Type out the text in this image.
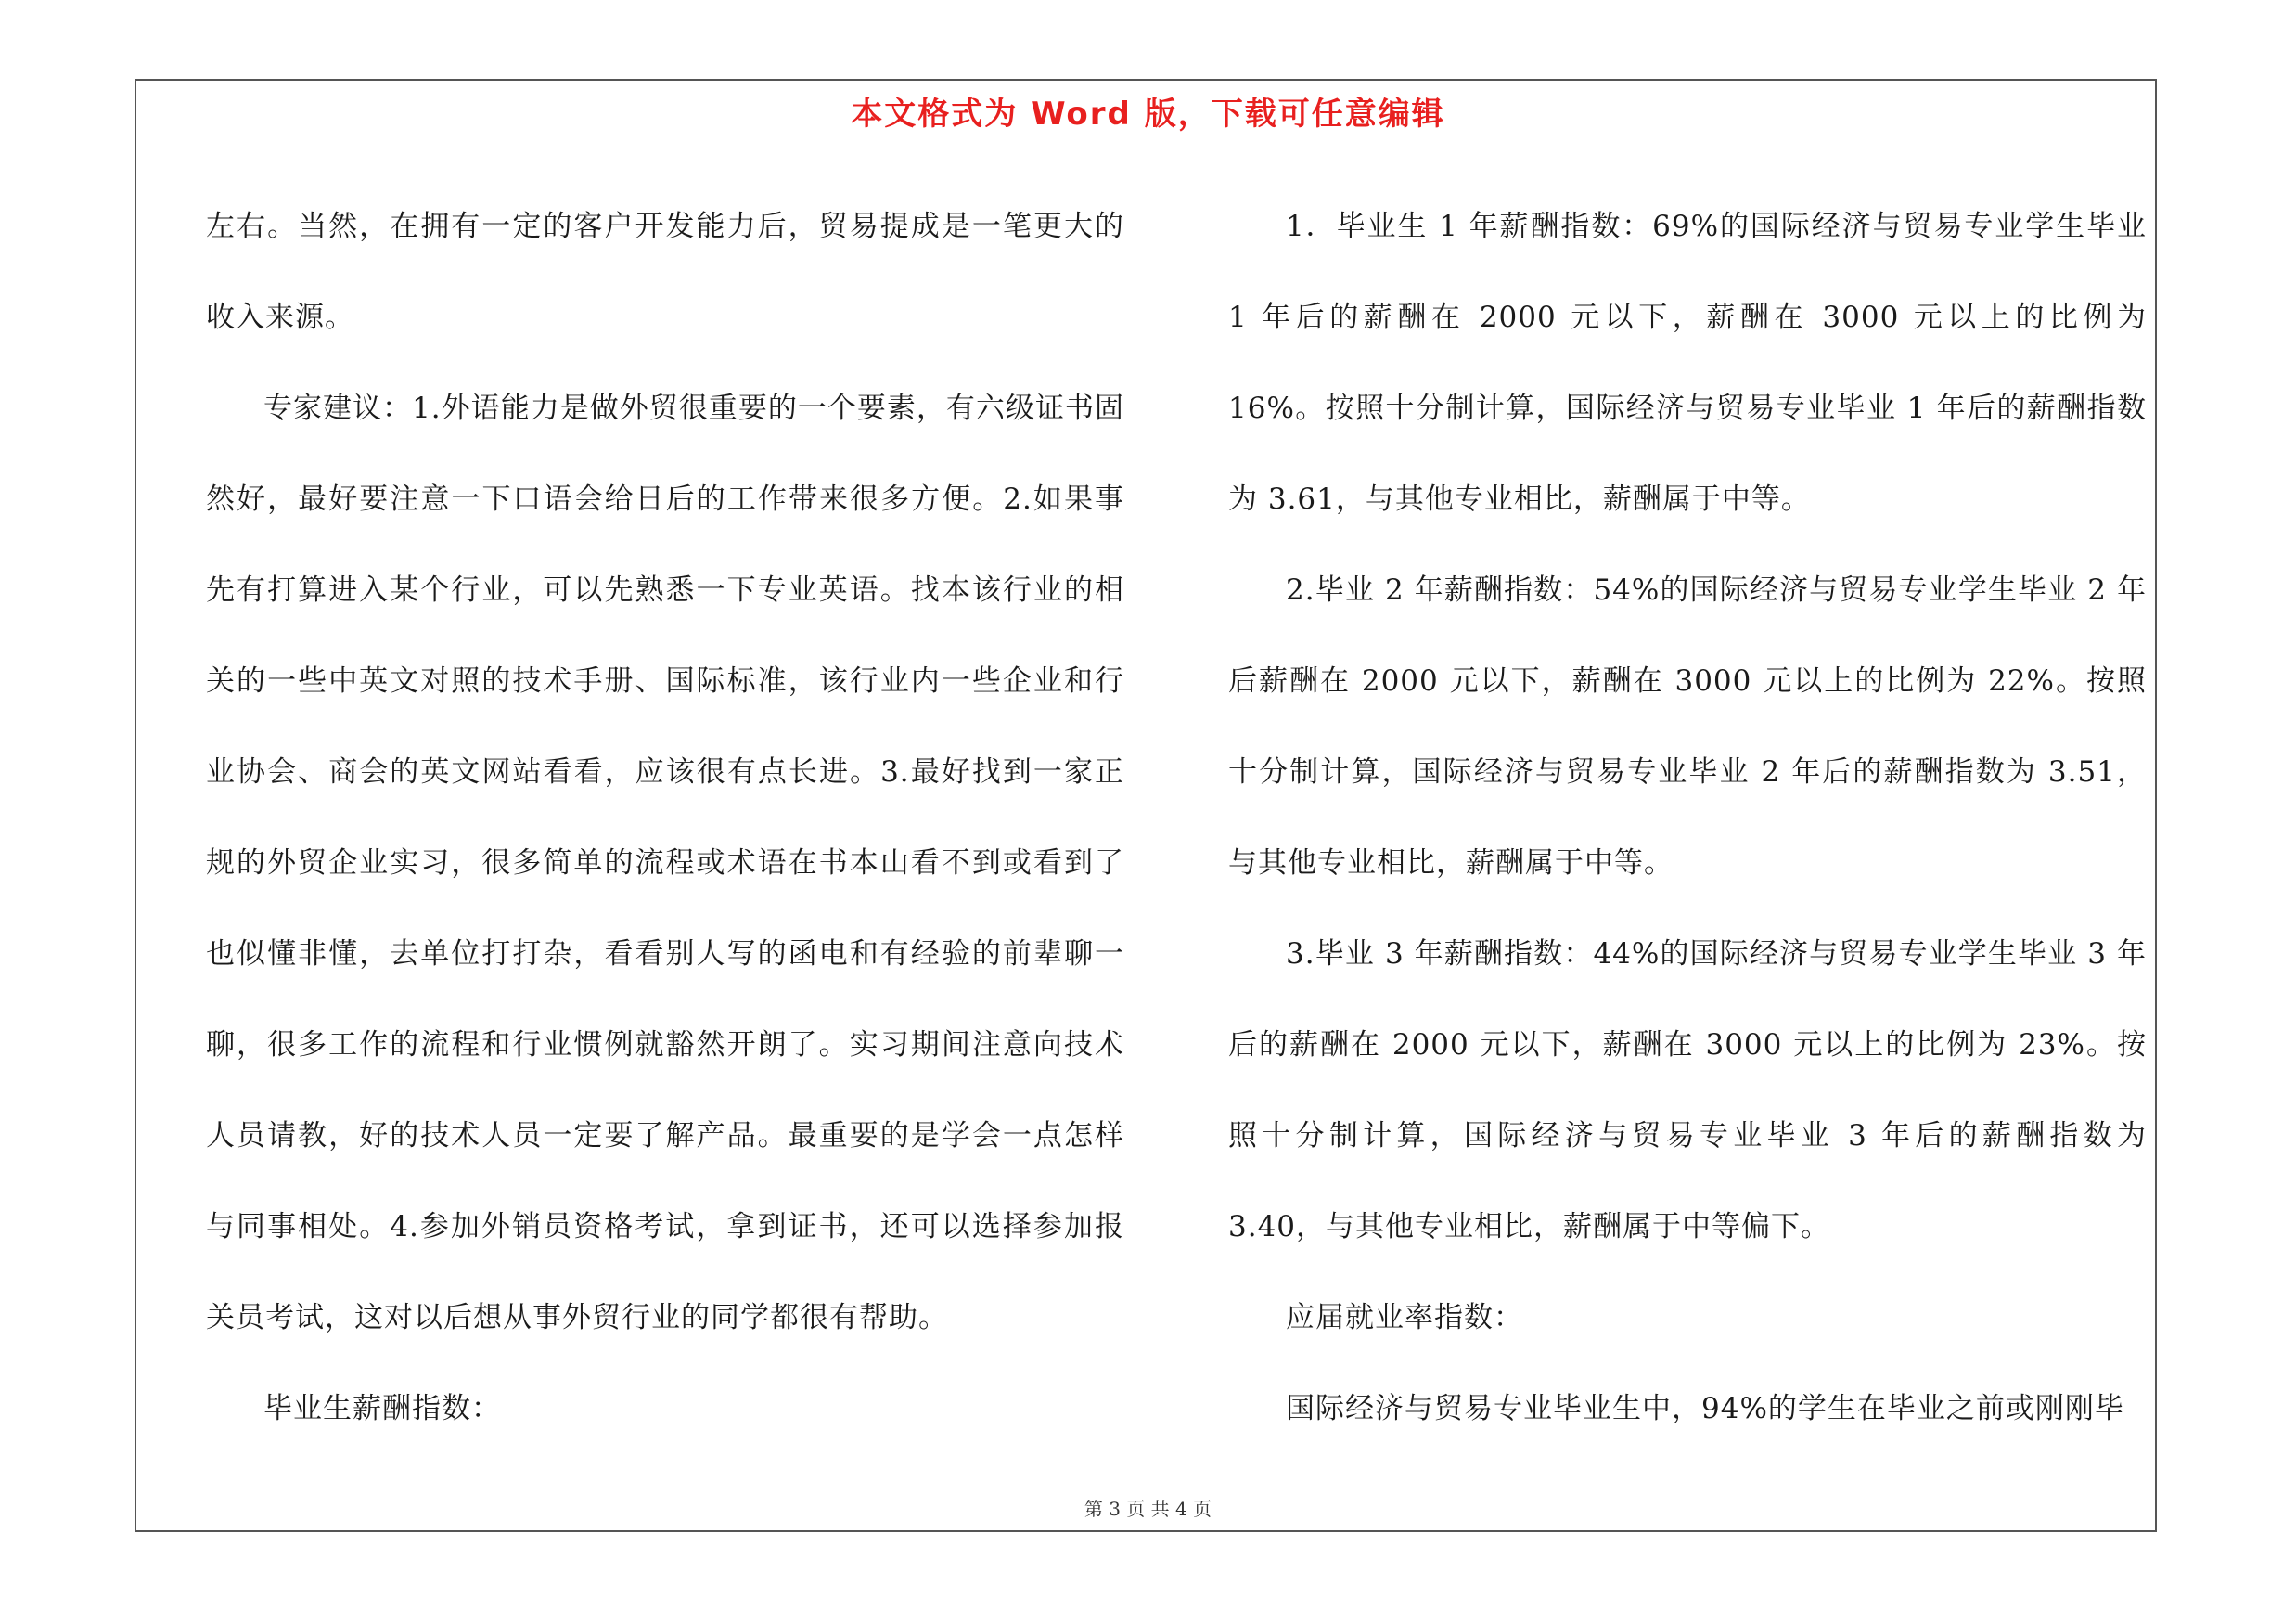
本文格式为 Word 版，下载可任意编辑

左右。当然，在拥有一定的客户开发能力后，贸易提成是一笔更大的收入来源。

专家建议：1.外语能力是做外贸很重要的一个要素，有六级证书固然好，最好要注意一下口语会给日后的工作带来很多方便。2.如果事先有打算进入某个行业，可以先熟悉一下专业英语。找本该行业的相关的一些中英文对照的技术手册、国际标准，该行业内一些企业和行业协会、商会的英文网站看看，应该很有点长进。3.最好找到一家正规的外贸企业实习，很多简单的流程或术语在书本山看不到或看到了也似懂非懂，去单位打打杂，看看别人写的函电和有经验的前辈聊一聊，很多工作的流程和行业惯例就豁然开朗了。实习期间注意向技术人员请教，好的技术人员一定要了解产品。最重要的是学会一点怎样与同事相处。4.参加外销员资格考试，拿到证书，还可以选择参加报关员考试，这对以后想从事外贸行业的同学都很有帮助。

毕业生薪酬指数：

1．毕业生 1 年薪酬指数：69%的国际经济与贸易专业学生毕业 1 年后的薪酬在 2000 元以下，薪酬在 3000 元以上的比例为 16%。按照十分制计算，国际经济与贸易专业毕业 1 年后的薪酬指数为 3.61，与其他专业相比，薪酬属于中等。

2.毕业 2 年薪酬指数：54%的国际经济与贸易专业学生毕业 2 年后薪酬在 2000 元以下，薪酬在 3000 元以上的比例为 22%。按照十分制计算，国际经济与贸易专业毕业 2 年后的薪酬指数为 3.51，与其他专业相比，薪酬属于中等。

3.毕业 3 年薪酬指数：44%的国际经济与贸易专业学生毕业 3 年后的薪酬在 2000 元以下，薪酬在 3000 元以上的比例为 23%。按照十分制计算，国际经济与贸易专业毕业 3 年后的薪酬指数为 3.40，与其他专业相比，薪酬属于中等偏下。

应届就业率指数：

国际经济与贸易专业毕业生中，94%的学生在毕业之前或刚刚毕

第 3 页 共 4 页
